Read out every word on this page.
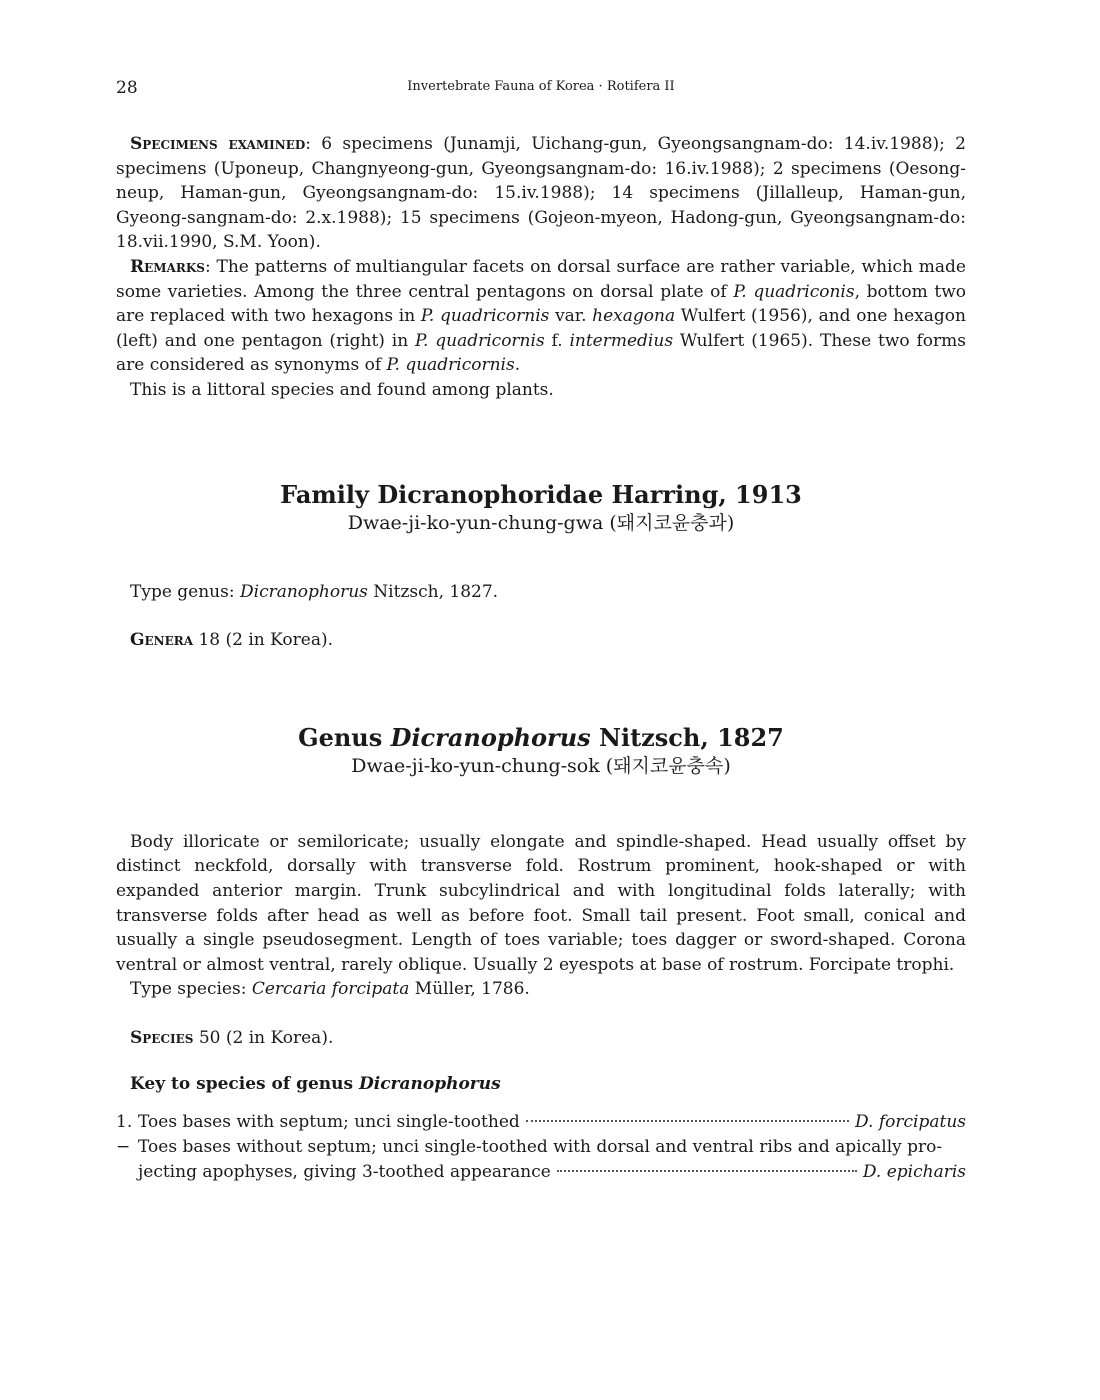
28	Invertebrate Fauna of Korea · Rotifera II

Specimens examined: 6 specimens (Junamji, Uichang-gun, Gyeongsangnam-do: 14.iv.1988); 2 specimens (Uponeup, Changnyeong-gun, Gyeongsangnam-do: 16.iv.1988); 2 specimens (Oesong-neup, Haman-gun, Gyeongsangnam-do: 15.iv.1988); 14 specimens (Jillalleup, Haman-gun, Gyeong-sangnam-do: 2.x.1988); 15 specimens (Gojeon-myeon, Hadong-gun, Gyeongsangnam-do: 18.vii.1990, S.M. Yoon).

Remarks: The patterns of multiangular facets on dorsal surface are rather variable, which made some varieties. Among the three central pentagons on dorsal plate of P. quadriconis, bottom two are replaced with two hexagons in P. quadricornis var. hexagona Wulfert (1956), and one hexagon (left) and one pentagon (right) in P. quadricornis f. intermedius Wulfert (1965). These two forms are considered as synonyms of P. quadricornis.

This is a littoral species and found among plants.

Family Dicranophoridae Harring, 1913
Dwae-ji-ko-yun-chung-gwa (돼지코윤충과)

Type genus: Dicranophorus Nitzsch, 1827.

Genera 18 (2 in Korea).

Genus Dicranophorus Nitzsch, 1827
Dwae-ji-ko-yun-chung-sok (돼지코윤충속)

Body illoricate or semiloricate; usually elongate and spindle-shaped. Head usually offset by distinct neckfold, dorsally with transverse fold. Rostrum prominent, hook-shaped or with expanded anterior margin. Trunk subcylindrical and with longitudinal folds laterally; with transverse folds after head as well as before foot. Small tail present. Foot small, conical and usually a single pseudosegment. Length of toes variable; toes dagger or sword-shaped. Corona ventral or almost ventral, rarely oblique. Usually 2 eyespots at base of rostrum. Forcipate trophi.

Type species: Cercaria forcipata Müller, 1786.

Species 50 (2 in Korea).

Key to species of genus Dicranophorus
1. Toes bases with septum; unci single-toothed	D. forcipatus
− Toes bases without septum; unci single-toothed with dorsal and ventral ribs and apically pro-
jecting apophyses, giving 3-toothed appearance	D. epicharis
